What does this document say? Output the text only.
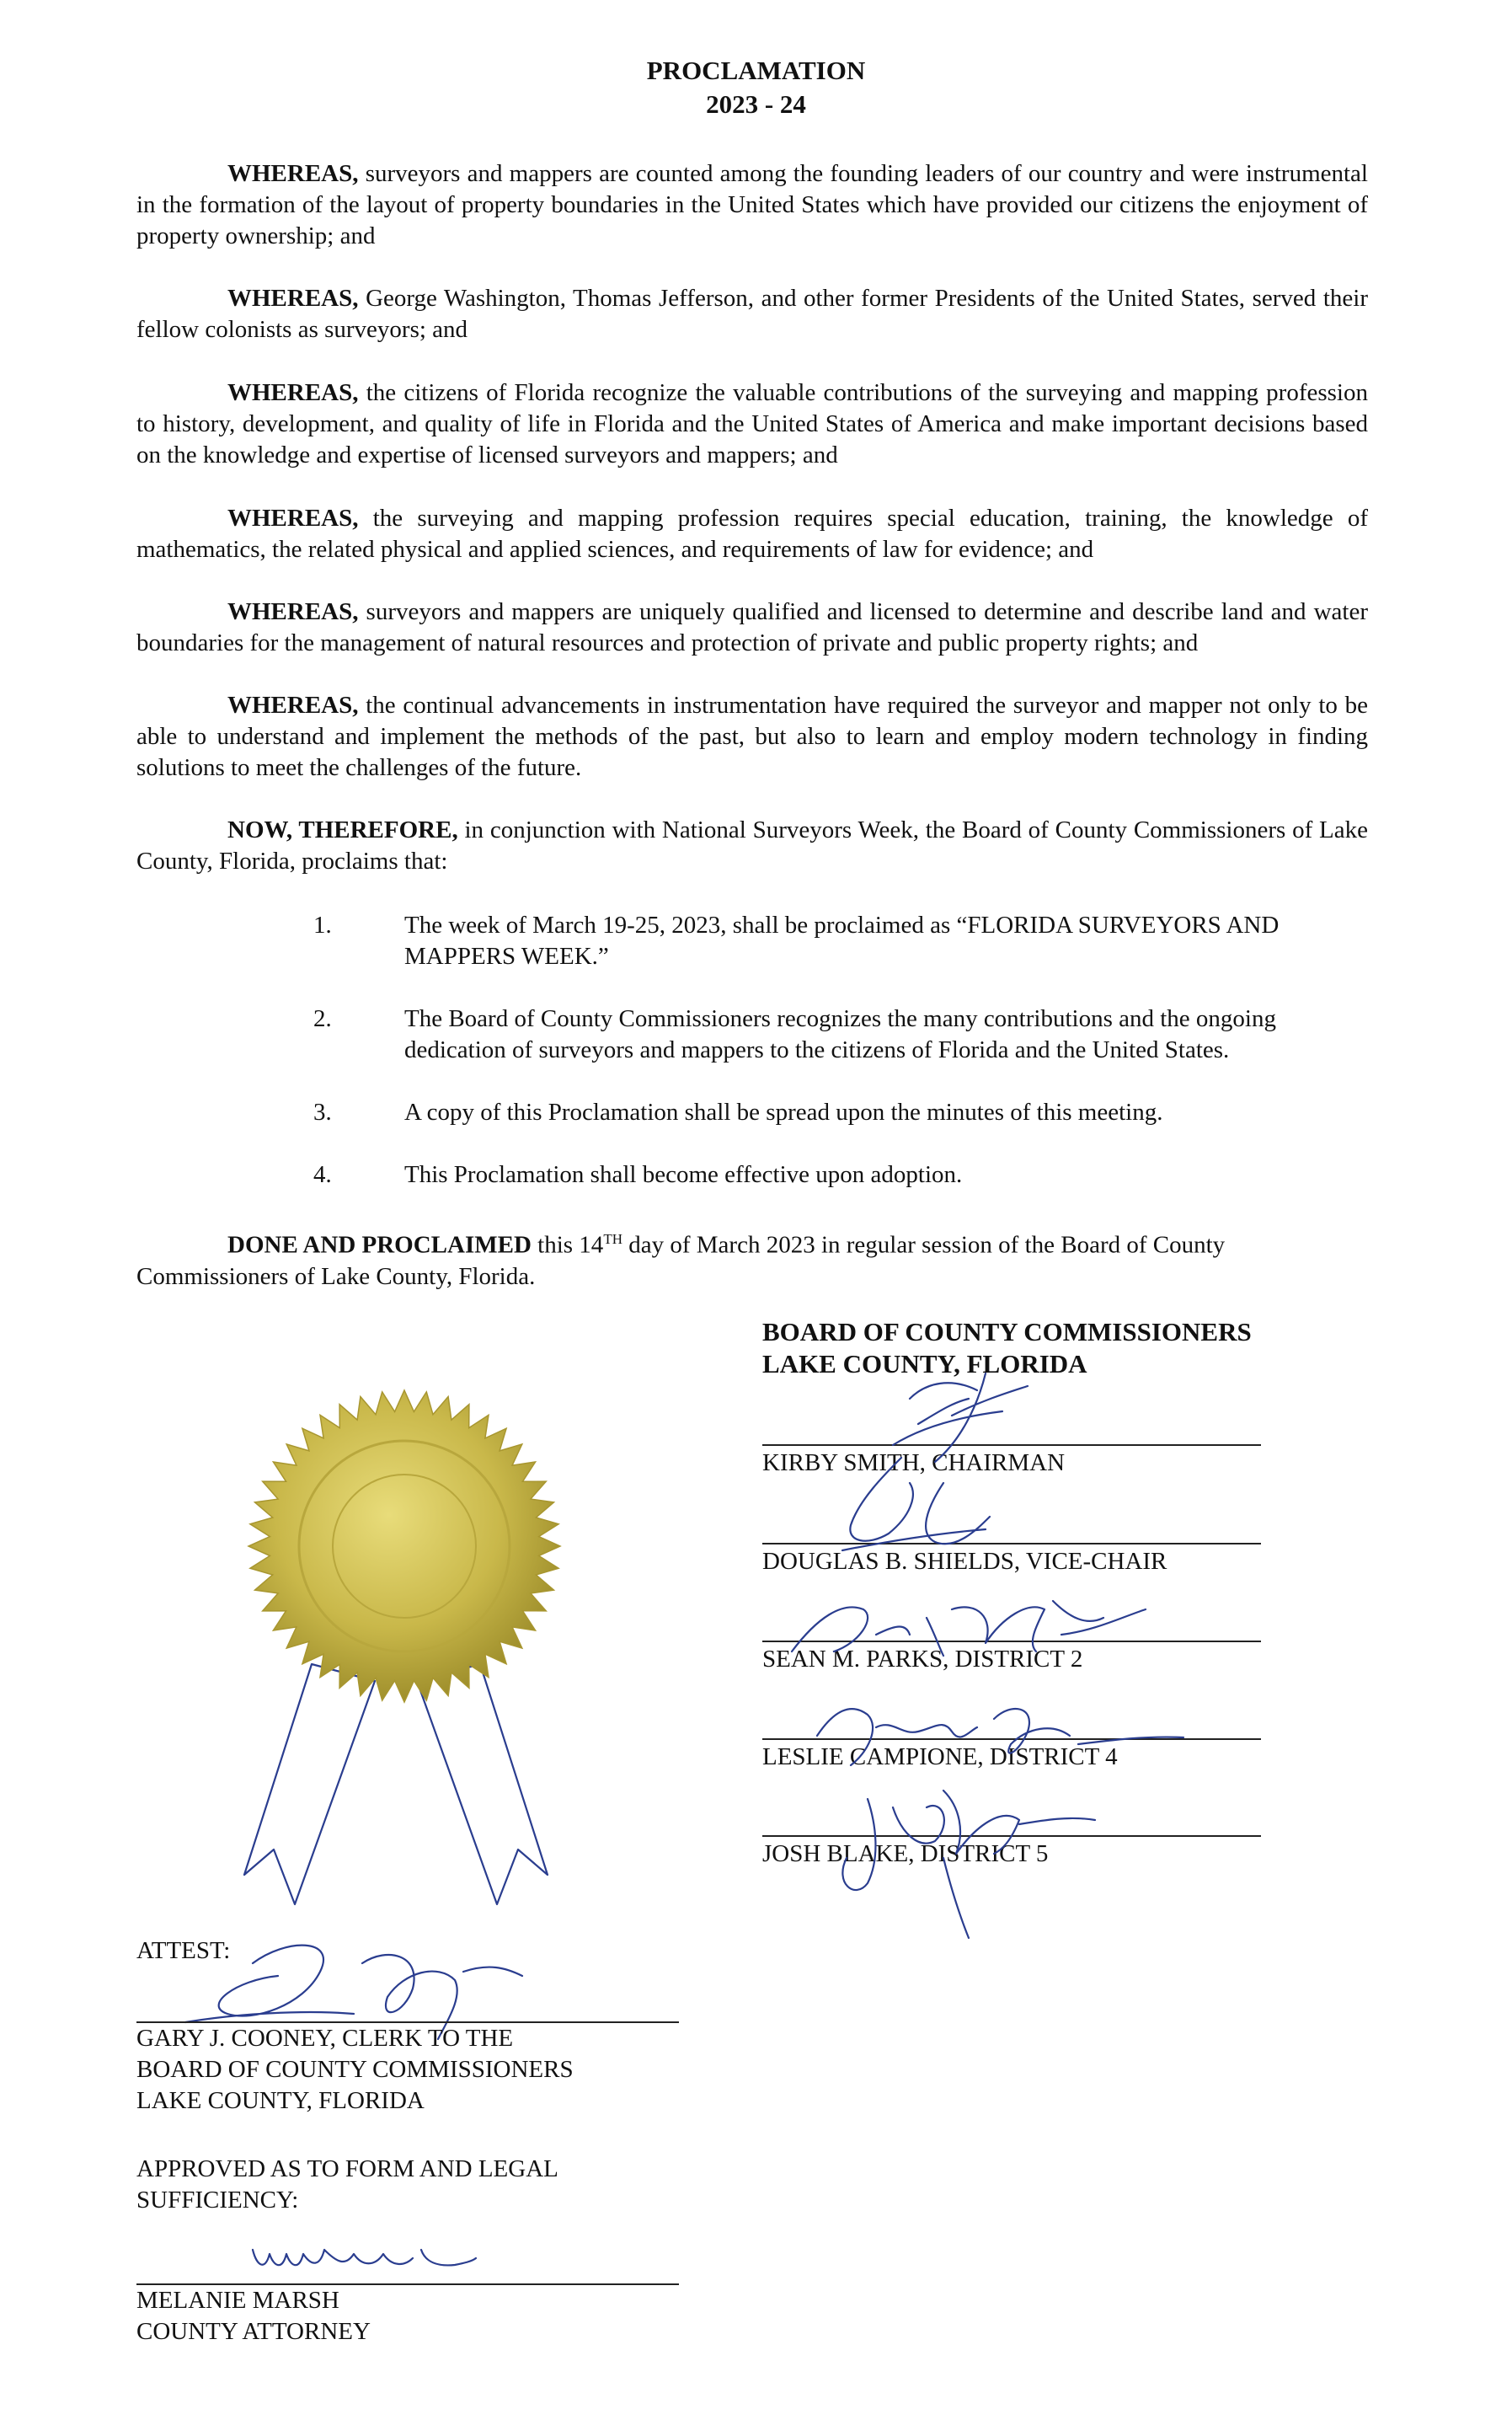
PROCLAMATION
2023 - 24

WHEREAS, surveyors and mappers are counted among the founding leaders of our country and were instrumental in the formation of the layout of property boundaries in the United States which have provided our citizens the enjoyment of property ownership; and

WHEREAS, George Washington, Thomas Jefferson, and other former Presidents of the United States, served their fellow colonists as surveyors; and

WHEREAS, the citizens of Florida recognize the valuable contributions of the surveying and mapping profession to history, development, and quality of life in Florida and the United States of America and make important decisions based on the knowledge and expertise of licensed surveyors and mappers; and

WHEREAS, the surveying and mapping profession requires special education, training, the knowledge of mathematics, the related physical and applied sciences, and requirements of law for evidence; and

WHEREAS, surveyors and mappers are uniquely qualified and licensed to determine and describe land and water boundaries for the management of natural resources and protection of private and public property rights; and

WHEREAS, the continual advancements in instrumentation have required the surveyor and mapper not only to be able to understand and implement the methods of the past, but also to learn and employ modern technology in finding solutions to meet the challenges of the future.

NOW, THEREFORE, in conjunction with National Surveyors Week, the Board of County Commissioners of Lake County, Florida, proclaims that:

1.	The week of March 19-25, 2023, shall be proclaimed as “FLORIDA SURVEYORS AND MAPPERS WEEK.”
2.	The Board of County Commissioners recognizes the many contributions and the ongoing dedication of surveyors and mappers to the citizens of Florida and the United States.
3.	A copy of this Proclamation shall be spread upon the minutes of this meeting.
4.	This Proclamation shall become effective upon adoption.

DONE AND PROCLAIMED this 14TH day of March 2023 in regular session of the Board of County Commissioners of Lake County, Florida.

BOARD OF COUNTY COMMISSIONERS
LAKE COUNTY, FLORIDA
KIRBY SMITH, CHAIRMAN
DOUGLAS B. SHIELDS, VICE-CHAIR
SEAN M. PARKS, DISTRICT 2
LESLIE CAMPIONE, DISTRICT 4
JOSH BLAKE, DISTRICT 5
ATTEST:
GARY J. COONEY, CLERK TO THE
BOARD OF COUNTY COMMISSIONERS
LAKE COUNTY, FLORIDA
APPROVED AS TO FORM AND LEGAL
SUFFICIENCY:
MELANIE MARSH
COUNTY ATTORNEY
